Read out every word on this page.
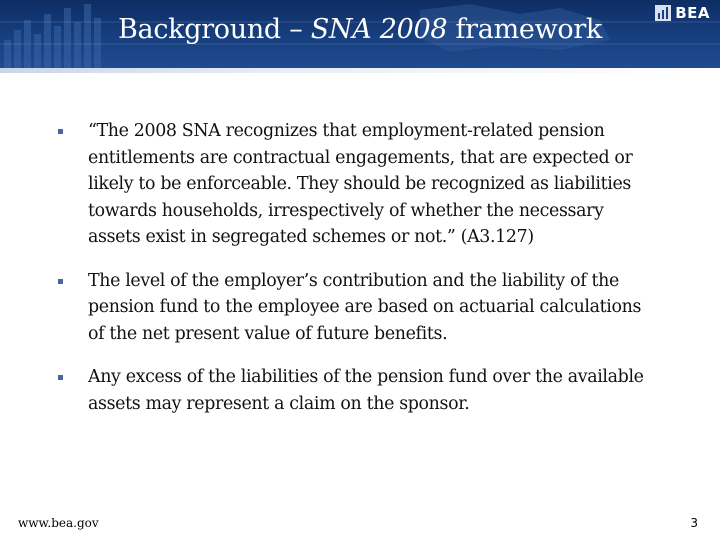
Background – SNA 2008 framework
BEA
“The 2008 SNA recognizes that employment-related pension entitlements are contractual engagements, that are expected or likely to be enforceable. They should be recognized as liabilities towards households, irrespectively of whether the necessary assets exist in segregated schemes or not.” (A3.127)
The level of the employer’s contribution and the liability of the pension fund to the employee are based on actuarial calculations of the net present value of future benefits.
Any excess of the liabilities of the pension fund over the available assets may represent a claim on the sponsor.
www.bea.gov	3
